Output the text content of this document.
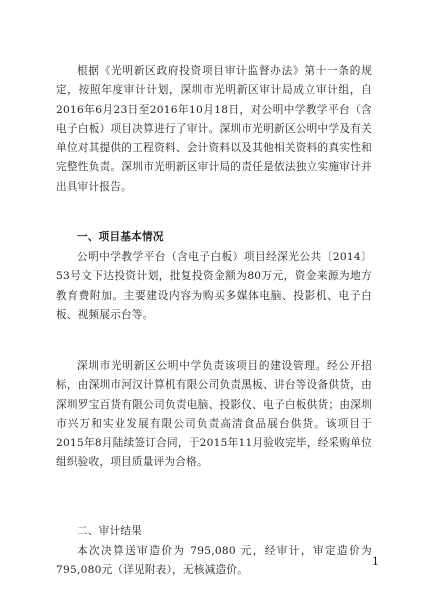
根据《光明新区政府投资项目审计监督办法》第十一条的规定，按照年度审计计划，深圳市光明新区审计局成立审计组，自2016年6月23日至2016年10月18日，对公明中学教学平台（含电子白板）项目决算进行了审计。深圳市光明新区公明中学及有关单位对其提供的工程资料、会计资料以及其他相关资料的真实性和完整性负责。深圳市光明新区审计局的责任是依法独立实施审计并出具审计报告。

一、项目基本情况

公明中学教学平台（含电子白板）项目经深光公共〔2014〕53号文下达投资计划，批复投资金额为80万元，资金来源为地方教育费附加。主要建设内容为购买多媒体电脑、投影机、电子白板、视频展示台等。

深圳市光明新区公明中学负责该项目的建设管理。经公开招标，由深圳市河汉计算机有限公司负责黑板、讲台等设备供货，由深圳罗宝百货有限公司负责电脑、投影仪、电子白板供货；由深圳市兴万和实业发展有限公司负责高清食品展台供货。该项目于2015年8月陆续签订合同，于2015年11月验收完毕，经采购单位组织验收，项目质量评为合格。

二、审计结果

本次决算送审造价为 795,080 元，经审计，审定造价为795,080元（详见附表），无核减造价。

1
